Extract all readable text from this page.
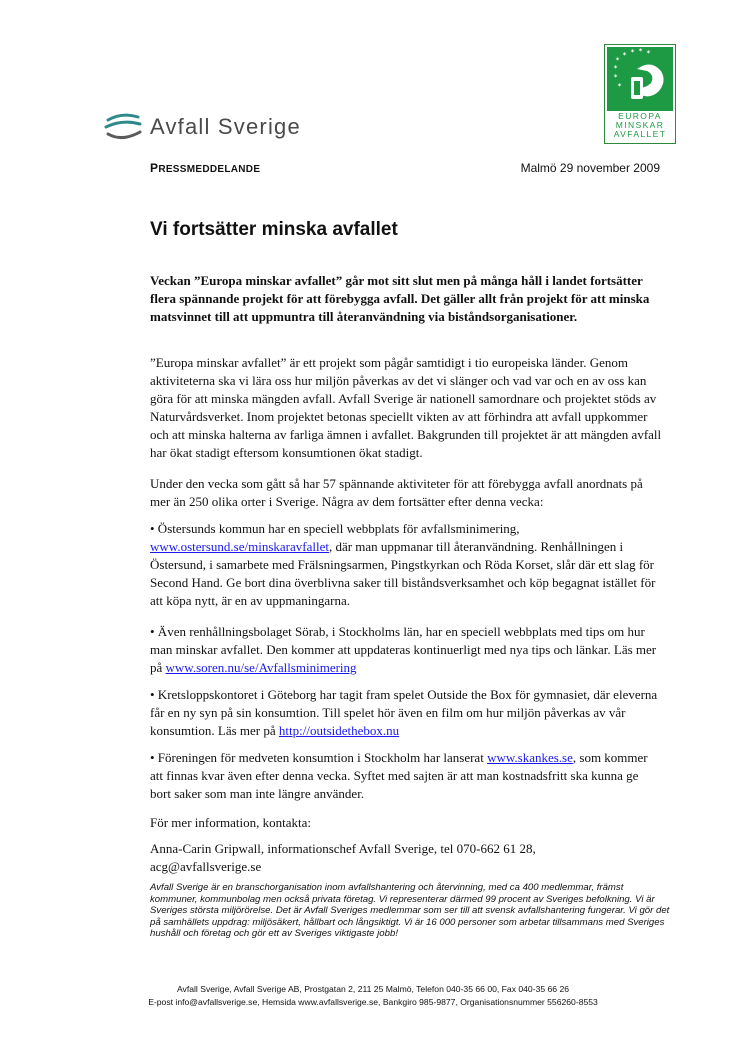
Avfall Sverige
✶
✶ ✶ ✶ ✶
✶
✶
✶
EUROPA
MINSKAR
AVFALLET
PRESSMEDDELANDE	Malmö 29 november 2009
Vi fortsätter minska avfallet
Veckan ”Europa minskar avfallet” går mot sitt slut men på många håll i landet fortsätter flera spännande projekt för att förebygga avfall. Det gäller allt från projekt för att minska matsvinnet till att uppmuntra till återanvändning via biståndsorganisationer.
”Europa minskar avfallet” är ett projekt som pågår samtidigt i tio europeiska länder. Genom aktiviteterna ska vi lära oss hur miljön påverkas av det vi slänger och vad var och en av oss kan göra för att minska mängden avfall. Avfall Sverige är nationell samordnare och projektet stöds av Naturvårdsverket. Inom projektet betonas speciellt vikten av att förhindra att avfall uppkommer och att minska halterna av farliga ämnen i avfallet. Bakgrunden till projektet är att mängden avfall har ökat stadigt eftersom konsumtionen ökat stadigt.
Under den vecka som gått så har 57 spännande aktiviteter för att förebygga avfall anordnats på mer än 250 olika orter i Sverige. Några av dem fortsätter efter denna vecka:
• Östersunds kommun har en speciell webbplats för avfallsminimering, www.ostersund.se/minskaravfallet, där man uppmanar till återanvändning. Renhållningen i Östersund, i samarbete med Frälsningsarmen, Pingstkyrkan och Röda Korset, slår där ett slag för Second Hand. Ge bort dina överblivna saker till biståndsverksamhet och köp begagnat istället för att köpa nytt, är en av uppmaningarna.
• Även renhållningsbolaget Sörab, i Stockholms län, har en speciell webbplats med tips om hur man minskar avfallet. Den kommer att uppdateras kontinuerligt med nya tips och länkar. Läs mer på www.soren.nu/se/Avfallsminimering
• Kretsloppskontoret i Göteborg har tagit fram spelet Outside the Box för gymnasiet, där eleverna får en ny syn på sin konsumtion. Till spelet hör även en film om hur miljön påverkas av vår konsumtion. Läs mer på http://outsidethebox.nu
• Föreningen för medveten konsumtion i Stockholm har lanserat www.skankes.se, som kommer att finnas kvar även efter denna vecka. Syftet med sajten är att man kostnadsfritt ska kunna ge bort saker som man inte längre använder.
För mer information, kontakta:
Anna-Carin Gripwall, informationschef Avfall Sverige, tel 070-662 61 28,
acg@avfallsverige.se
Avfall Sverige är en branschorganisation inom avfallshantering och återvinning, med ca 400 medlemmar, främst kommuner, kommunbolag men också privata företag. Vi representerar därmed 99 procent av Sveriges befolkning. Vi är Sveriges största miljörörelse. Det är Avfall Sveriges medlemmar som ser till att svensk avfallshantering fungerar. Vi gör det på samhällets uppdrag: miljösäkert, hållbart och långsiktigt. Vi är 16 000 personer som arbetar tillsammans med Sveriges hushåll och företag och gör ett av Sveriges viktigaste jobb!
Avfall Sverige, Avfall Sverige AB, Prostgatan 2, 211 25 Malmö, Telefon 040-35 66 00, Fax 040-35 66 26
E-post info@avfallsverige.se, Hemsida www.avfallsverige.se, Bankgiro 985-9877, Organisationsnummer 556260-8553
